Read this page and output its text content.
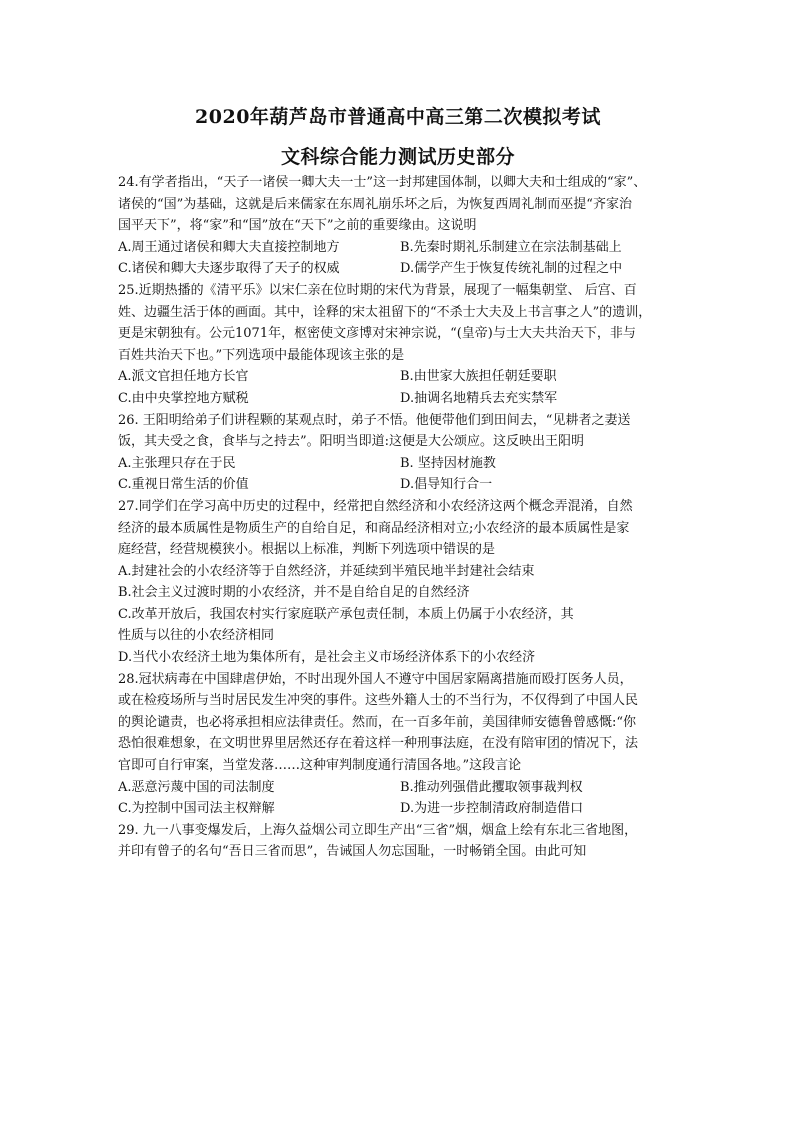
2020年葫芦岛市普通高中高三第二次模拟考试
文科综合能力测试历史部分
24.有学者指出，“天子一诸侯一卿大夫一士”这一封邦建国体制，以卿大夫和士组成的“家”、
诸侯的“国”为基础，这就是后来儒家在东周礼崩乐坏之后，为恢复西周礼制而巫提“齐家治
国平天下”，将“家”和“国”放在“天下”之前的重要缘由。这说明
A.周王通过诸侯和卿大夫直接控制地方	B.先秦时期礼乐制建立在宗法制基础上
C.诸侯和卿大夫逐步取得了天子的权威	D.儒学产生于恢复传统礼制的过程之中
25.近期热播的《清平乐》以宋仁亲在位时期的宋代为背景，展现了一幅集朝堂、 后宫、百
姓、边疆生活于体的画面。其中，诠释的宋太祖留下的“不杀士大夫及上书言事之人”的遗训，
更是宋朝独有。公元1071年，枢密使文彦博对宋神宗说，“(皇帝)与士大夫共治天下，非与
百姓共治天下也。”下列选项中最能体现该主张的是
A.派文官担任地方长官	B.由世家大族担任朝廷要职
C.由中央掌控地方赋税	D.抽调名地精兵去充实禁军
26. 王阳明给弟子们讲程颗的某观点时，弟子不悟。他便带他们到田间去，“见耕者之妻送
饭，其夫受之食，食毕与之持去”。阳明当即道:这便是大公颂应。这反映出王阳明
A.主张理只存在于民	B. 坚持因材施教
C.重视日常生活的价值	D.倡导知行合一
27.同学们在学习高中历史的过程中，经常把自然经济和小农经济这两个概念弄混淆，自然
经济的最本质属性是物质生产的自给自足，和商品经济相对立;小农经济的最本质属性是家
庭经营，经营规模狭小。根据以上标准，判断下列选项中错误的是
A.封建社会的小农经济等于自然经济，并延续到半殖民地半封建社会结束
B.社会主义过渡时期的小农经济，并不是自给自足的自然经济
C.改革开放后，我国农村实行家庭联产承包责任制，本质上仍属于小农经济，其
性质与以往的小农经济相同
D.当代小农经济土地为集体所有，是社会主义市场经济体系下的小农经济
28.冠状病毒在中国肆虐伊始，不时出现外国人不遵守中国居家隔离措施而殴打医务人员，
或在检疫场所与当时居民发生冲突的事件。这些外籍人士的不当行为，不仅得到了中国人民
的舆论谴责，也必将承担相应法律责任。然而，在一百多年前，美国律师安德鲁曾感慨:“你
恐怕很难想象，在文明世界里居然还存在着这样一种刑事法庭，在没有陪审团的情况下，法
官即可自行审案，当堂发落……这种审判制度通行清国各地。”这段言论
A.恶意污蔑中国的司法制度	B.推动列强借此攫取领事裁判权
C.为控制中国司法主权辩解	D.为进一步控制清政府制造借口
29. 九一八事变爆发后，上海久益烟公司立即生产出“三省”烟，烟盒上绘有东北三省地图，
并印有曾子的名句“吾日三省而思”，告诫国人勿忘国耻，一时畅销全国。由此可知
